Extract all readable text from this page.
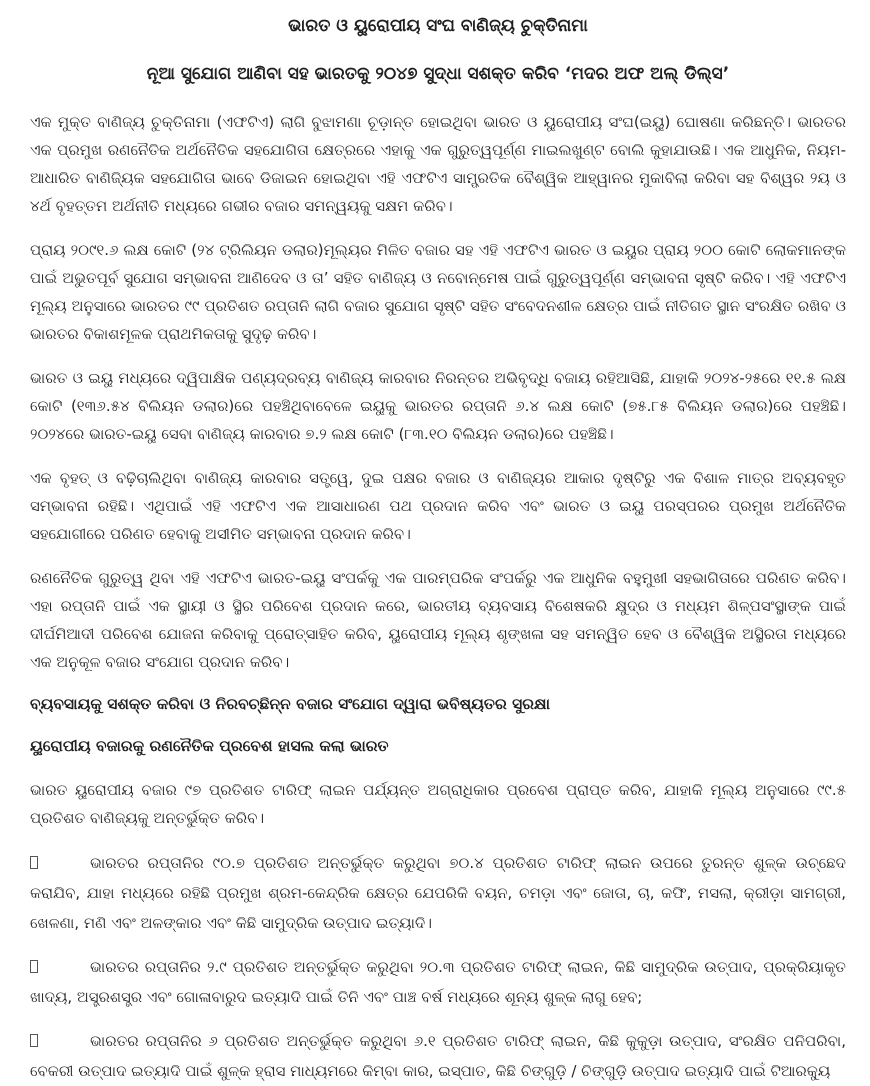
ଭାରତ ଓ ୟୁରୋପୀୟ ସଂଘ ବାଣିଜ୍ୟ ଚୁକ୍ତିନାମା
ନୂଆ ସୁଯୋଗ ଆଣିବା ସହ ଭାରତକୁ ୨୦୪୭ ସୁଦ୍ଧା ସଶକ୍ତ କରିବ ‘ମଦର ଅଫ ଅଲ୍ ଡିଲ୍ସ’

ଏକ ମୁକ୍ତ ବାଣିଜ୍ୟ ଚୁକ୍ତିନାମା (ଏଫଟିଏ) ଲାଗି ବୁଝାମଣା ଚୂଡ଼ାନ୍ତ ହୋଇଥିବା ଭାରତ ଓ ୟୁରୋପୀୟ ସଂଘ(ଇୟୁ) ଘୋଷଣା କରିଛନ୍ତି। ଭାରତର ଏକ ପ୍ରମୁଖ ରଣନୈତିକ ଅର୍ଥନୈତିକ ସହଯୋଗିତା କ୍ଷେତ୍ରରେ ଏହାକୁ ଏକ ଗୁରୁତ୍ୱପୂର୍ଣ୍ଣ ମାଇଲଖୁଣ୍ଟ ବୋଲି କୁହାଯାଉଛି। ଏକ ଆଧୁନିକ, ନିୟମ-ଆଧାରିତ ବାଣିଜ୍ୟିକ ସହଯୋଗିତା ଭାବେ ଡିଜାଇନ ହୋଇଥିବା ଏହି ଏଫଟିଏ ସାମ୍ପ୍ରତିକ ବୈଶ୍ୱିକ ଆହ୍ୱାନର ମୁକାବିଲା କରିବା ସହ ବିଶ୍ୱର ୨ୟ ଓ ୪ର୍ଥ ବୃହତ୍ତମ ଅର୍ଥନୀତି ମଧ୍ୟରେ ଗଭୀର ବଜାର ସମନ୍ୱୟକୁ ସକ୍ଷମ କରିବ।

ପ୍ରାୟ ୨୦୯୧.୬ ଲକ୍ଷ କୋଟି (୨୪ ଟ୍ରିଲିୟନ ଡଲାର)ମୂଲ୍ୟର ମିଳିତ ବଜାର ସହ ଏହି ଏଫଟିଏ ଭାରତ ଓ ଇୟୁର ପ୍ରାୟ ୨୦୦ କୋଟି ଲୋକମାନଙ୍କ ପାଇଁ ଅଭୁତପୂର୍ବ ସୁଯୋଗ ସମ୍ଭାବନା ଆଣିଦେବ ଓ ତା’ ସହିତ ବାଣିଜ୍ୟ ଓ ନବୋନ୍ମେଷ ପାଇଁ ଗୁରୁତ୍ୱପୂର୍ଣ୍ଣ ସମ୍ଭାବନା ସୃଷ୍ଟି କରିବ। ଏହି ଏଫଟିଏ ମୂଲ୍ୟ ଅନୁସାରେ ଭାରତର ୯୯ ପ୍ରତିଶତ ରପ୍ତାନି ଲାଗି ବଜାର ସୁଯୋଗ ସୃଷ୍ଟି ସହିତ ସଂବେଦନଶୀଳ କ୍ଷେତ୍ର ପାଇଁ ନୀତିଗତ ସ୍ଥାନ ସଂରକ୍ଷିତ ରଖିବ ଓ ଭାରତର ବିକାଶମୂଳକ ପ୍ରାଥମିକତାକୁ ସୁଦୃଢ଼ କରିବ।

ଭାରତ ଓ ଇୟୁ ମଧ୍ୟରେ ଦ୍ୱିପାକ୍ଷିକ ପଣ୍ୟଦ୍ରବ୍ୟ ବାଣିଜ୍ୟ କାରବାର ନିରନ୍ତର ଅଭିବୃଦ୍ଧି ବଜାୟ ରହିଆସିଛି, ଯାହାକି ୨୦୨୪-୨୫ରେ ୧୧.୫ ଲକ୍ଷ କୋଟି (୧୩୬.୫୪ ବିଲିୟନ ଡଲାର)ରେ ପହଞ୍ଚିଥିବାବେଳେ ଇୟୁକୁ ଭାରତର ରପ୍ତାନି ୬.୪ ଲକ୍ଷ କୋଟି (୭୫.୮୫ ବିଲିୟନ ଡଲାର)ରେ ପହଞ୍ଚିଛି। ୨୦୨୪ରେ ଭାରତ-ଇୟୁ ସେବା ବାଣିଜ୍ୟ କାରବାର ୭.୨ ଲକ୍ଷ କୋଟି (୮୩.୧୦ ବିଲିୟନ ଡଲାର)ରେ ପହଞ୍ଚିଛି।

ଏକ ବୃହତ୍ ଓ ବଢ଼ିଚାଲିଥିବା ବାଣିଜ୍ୟ କାରବାର ସତ୍ତ୍ୱେ, ଦୁଇ ପକ୍ଷର ବଜାର ଓ ବାଣିଜ୍ୟର ଆକାର ଦୃଷ୍ଟିରୁ ଏକ ବିଶାଳ ମାତ୍ର ଅବ୍ୟବହୃତ ସମ୍ଭାବନା ରହିଛି। ଏଥିପାଇଁ ଏହି ଏଫଟିଏ ଏକ ଆସାଧାରଣ ପଥ ପ୍ରଦାନ କରିବ ଏବଂ ଭାରତ ଓ ଇୟୁ ପରସ୍ପରର ପ୍ରମୁଖ ଅର୍ଥନୈତିକ ସହଯୋଗୀରେ ପରିଣତ ହେବାକୁ ଅସୀମିତ ସମ୍ଭାବନା ପ୍ରଦାନ କରିବ।

ରଣନୈତିକ ଗୁରୁତ୍ୱ ଥିବା ଏହି ଏଫଟିଏ ଭାରତ-ଇୟୁ ସଂପର୍କକୁ ଏକ ପାରମ୍ପରିକ ସଂପର୍କରୁ ଏକ ଆଧୁନିକ ବହୁମୁଖୀ ସହଭାଗିତାରେ ପରିଣତ କରିବ। ଏହା ରପ୍ତାନି ପାଇଁ ଏକ ସ୍ଥାୟୀ ଓ ସ୍ଥିର ପରିବେଶ ପ୍ରଦାନ କରେ, ଭାରତୀୟ ବ୍ୟବସାୟ ବିଶେଷକରି କ୍ଷୁଦ୍ର ଓ ମଧ୍ୟମ ଶିଳ୍ପସଂସ୍ଥାଙ୍କ ପାଇଁ ଦୀର୍ଘମିଆଦୀ ପରିବେଶ ଯୋଜନା କରିବାକୁ ପ୍ରୋତ୍ସାହିତ କରିବ, ୟୁରୋପୀୟ ମୂଲ୍ୟ ଶୃଙ୍ଖଳା ସହ ସମନ୍ୱିତ ହେବ ଓ ବୈଶ୍ୱିକ ଅସ୍ଥିରତା ମଧ୍ୟରେ ଏକ ଅନୁକୂଳ ବଜାର ସଂଯୋଗ ପ୍ରଦାନ କରିବ।

ବ୍ୟବସାୟକୁ ସଶକ୍ତ କରିବା ଓ ନିରବଚ୍ଛିନ୍ନ ବଜାର ସଂଯୋଗ ଦ୍ୱାରା ଭବିଷ୍ୟତର ସୁରକ୍ଷା
ୟୁରୋପୀୟ ବଜାରକୁ ରଣନୈତିକ ପ୍ରବେଶ ହାସଲ କଲା ଭାରତ

ଭାରତ ୟୁରୋପୀୟ ବଜାର ୯୭ ପ୍ରତିଶତ ଟାରିଫ୍ ଲାଇନ ପର୍ଯ୍ୟନ୍ତ ଅଗ୍ରାଧିକାର ପ୍ରବେଶ ପ୍ରାପ୍ତ କରିବ, ଯାହାକି ମୂଲ୍ୟ ଅନୁସାରେ ୯୯.୫ ପ୍ରତିଶତ ବାଣିଜ୍ୟକୁ ଅନ୍ତର୍ଭୁକ୍ତ କରିବ।

ଭାରତର ରପ୍ତାନିର ୯୦.୭ ପ୍ରତିଶତ ଅନ୍ତର୍ଭୁକ୍ତ କରୁଥିବା ୭୦.୪ ପ୍ରତିଶତ ଟାରିଫ୍ ଲାଇନ ଉପରେ ତୁରନ୍ତ ଶୁଳ୍କ ଉଚ୍ଛେଦ କରାଯିବ, ଯାହା ମଧ୍ୟରେ ରହିଛି ପ୍ରମୁଖ ଶ୍ରମ-କେନ୍ଦ୍ରିକ କ୍ଷେତ୍ର ଯେପରିକି ବୟନ, ଚମଡ଼ା ଏବଂ ଜୋତା, ଚା, କଫି, ମସଲା, କ୍ରୀଡ଼ା ସାମଗ୍ରୀ, ଖେଳଣା, ମଣି ଏବଂ ଅଳଙ୍କାର ଏବଂ କିଛି ସାମୁଦ୍ରିକ ଉତ୍ପାଦ ଇତ୍ୟାଦି।
ଭାରତର ରପ୍ତାନିର ୨.୯ ପ୍ରତିଶତ ଅନ୍ତର୍ଭୁକ୍ତ କରୁଥିବା ୨୦.୩ ପ୍ରତିଶତ ଟାରିଫ୍ ଲାଇନ, କିଛି ସାମୁଦ୍ରିକ ଉତ୍ପାଦ, ପ୍ରକ୍ରିୟାକୃତ ଖାଦ୍ୟ, ଅସ୍ତ୍ରଶସ୍ତ୍ର ଏବଂ ଗୋଳାବାରୁଦ ଇତ୍ୟାଦି ପାଇଁ ତିନି ଏବଂ ପାଞ୍ଚ ବର୍ଷ ମଧ୍ୟରେ ଶୂନ୍ୟ ଶୁଳ୍କ ଲାଗୁ ହେବ;
ଭାରତର ରପ୍ତାନିର ୬ ପ୍ରତିଶତ ଅନ୍ତର୍ଭୁକ୍ତ କରୁଥିବା ୬.୧ ପ୍ରତିଶତ ଟାରିଫ୍ ଲାଇନ, କିଛି କୁକୁଡ଼ା ଉତ୍ପାଦ, ସଂରକ୍ଷିତ ପନିପରିବା, ବେକରୀ ଉତ୍ପାଦ ଇତ୍ୟାଦି ପାଇଁ ଶୁଳ୍କ ହ୍ରାସ ମାଧ୍ୟମରେ କିମ୍ବା କାର, ଇସ୍ପାତ, କିଛି ଚିଙ୍ଗୁଡ଼ି / ଚିଙ୍ଗୁଡ଼ି ଉତ୍ପାଦ ଇତ୍ୟାଦି ପାଇଁ ଟିଆରକ୍ୟୁ
